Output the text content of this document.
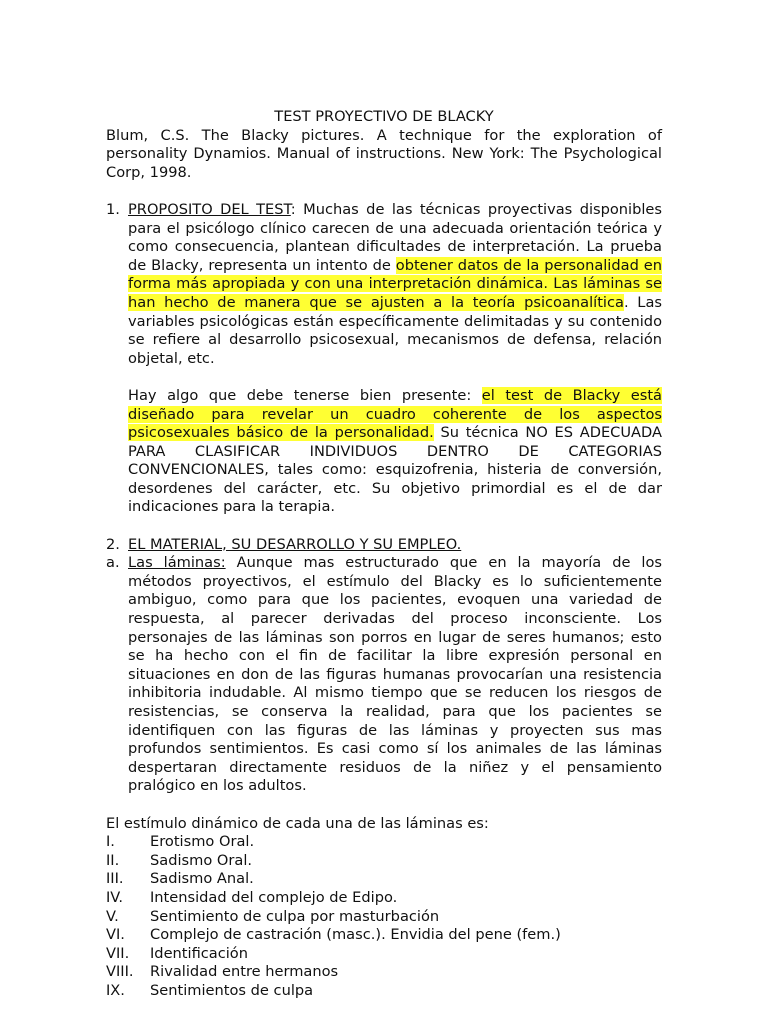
TEST PROYECTIVO DE BLACKY

Blum, C.S. The Blacky pictures. A technique for the exploration of personality Dynamios. Manual of instructions. New York: The Psychological Corp, 1998.

1. PROPOSITO DEL TEST: Muchas de las técnicas proyectivas disponibles para el psicólogo clínico carecen de una adecuada orientación teórica y como consecuencia, plantean dificultades de interpretación. La prueba de Blacky, representa un intento de obtener datos de la personalidad en forma más apropiada y con una interpretación dinámica. Las láminas se han hecho de manera que se ajusten a la teoría psicoanalítica. Las variables psicológicas están específicamente delimitadas y su contenido se refiere al desarrollo psicosexual, mecanismos de defensa, relación objetal, etc.

Hay algo que debe tenerse bien presente: el test de Blacky está diseñado para revelar un cuadro coherente de los aspectos psicosexuales básico de la personalidad. Su técnica NO ES ADECUADA PARA CLASIFICAR INDIVIDUOS DENTRO DE CATEGORIAS CONVENCIONALES, tales como: esquizofrenia, histeria de conversión, desordenes del carácter, etc. Su objetivo primordial es el de dar indicaciones para la terapia.

2. EL MATERIAL, SU DESARROLLO Y SU EMPLEO.

a. Las láminas: Aunque mas estructurado que en la mayoría de los métodos proyectivos, el estímulo del Blacky es lo suficientemente ambiguo, como para que los pacientes, evoquen una variedad de respuesta, al parecer derivadas del proceso inconsciente. Los personajes de las láminas son porros en lugar de seres humanos; esto se ha hecho con el fin de facilitar la libre expresión personal en situaciones en don de las figuras humanas provocarían una resistencia inhibitoria indudable. Al mismo tiempo que se reducen los riesgos de resistencias, se conserva la realidad, para que los pacientes se identifiquen con las figuras de las láminas y proyecten sus mas profundos sentimientos. Es casi como sí los animales de las láminas despertaran directamente residuos de la niñez y el pensamiento pralógico en los adultos.

El estímulo dinámico de cada una de las láminas es:

I.	Erotismo Oral.
II.	Sadismo Oral.
III.	Sadismo Anal.
IV.	Intensidad del complejo de Edipo.
V.	Sentimiento de culpa por masturbación
VI.	Complejo de castración (masc.). Envidia del pene (fem.)
VII.	Identificación
VIII.	Rivalidad entre hermanos
IX.	Sentimientos de culpa
